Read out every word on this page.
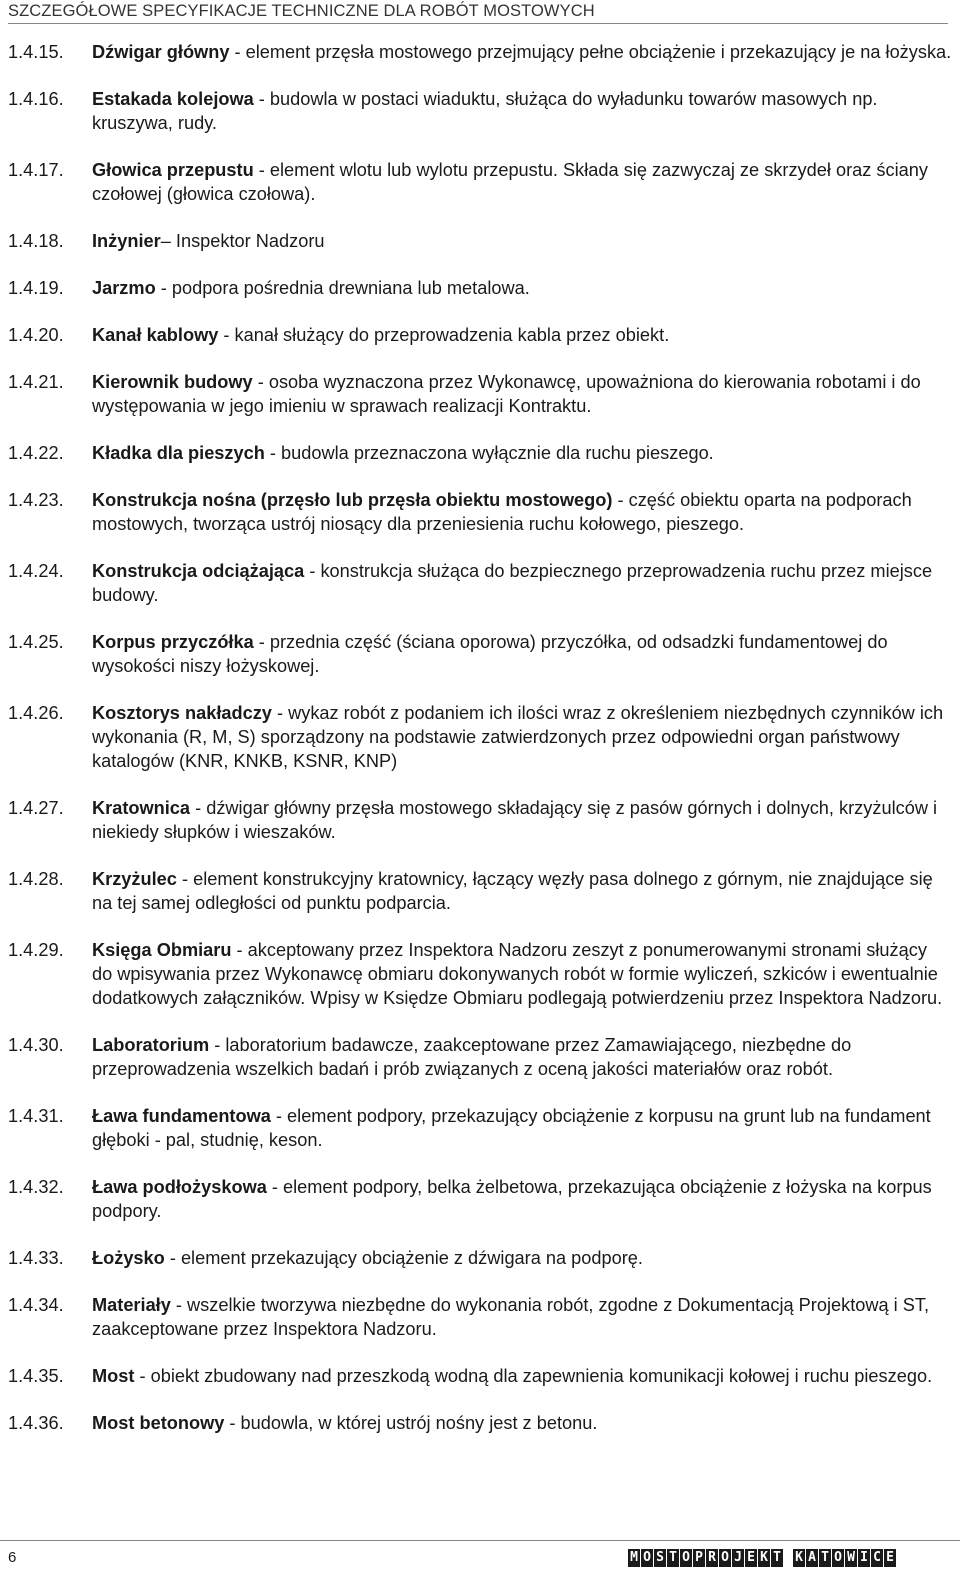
SZCZEGÓŁOWE SPECYFIKACJE TECHNICZNE DLA ROBÓT MOSTOWYCH
1.4.15.	Dźwigar główny - element przęsła mostowego przejmujący pełne obciążenie i przekazujący je na łożyska.
1.4.16.	Estakada kolejowa - budowla w postaci wiaduktu, służąca do wyładunku towarów masowych np. kruszywa, rudy.
1.4.17.	Głowica przepustu - element wlotu lub wylotu przepustu. Składa się zazwyczaj ze skrzydeł oraz ściany czołowej (głowica czołowa).
1.4.18.	Inżynier– Inspektor Nadzoru
1.4.19.	Jarzmo - podpora pośrednia drewniana lub metalowa.
1.4.20.	Kanał kablowy - kanał służący do przeprowadzenia kabla przez obiekt.
1.4.21.	Kierownik budowy - osoba wyznaczona przez Wykonawcę, upoważniona do kierowania robotami i do występowania w jego imieniu w sprawach realizacji Kontraktu.
1.4.22.	Kładka dla pieszych - budowla przeznaczona wyłącznie dla ruchu pieszego.
1.4.23.	Konstrukcja nośna (przęsło lub przęsła obiektu mostowego) - część obiektu oparta na podporach mostowych, tworząca ustrój niosący dla przeniesienia ruchu kołowego, pieszego.
1.4.24.	Konstrukcja odciążająca - konstrukcja służąca do bezpiecznego przeprowadzenia ruchu przez miejsce budowy.
1.4.25.	Korpus przyczółka - przednia część (ściana oporowa) przyczółka, od odsadzki fundamentowej do wysokości niszy łożyskowej.
1.4.26.	Kosztorys nakładczy - wykaz robót z podaniem ich ilości wraz z określeniem niezbędnych czynników ich wykonania (R, M, S) sporządzony na podstawie zatwierdzonych przez odpowiedni organ państwowy katalogów (KNR, KNKB, KSNR, KNP)
1.4.27.	Kratownica - dźwigar główny przęsła mostowego składający się z pasów górnych i dolnych, krzyżulców i niekiedy słupków i wieszaków.
1.4.28.	Krzyżulec - element konstrukcyjny kratownicy, łączący węzły pasa dolnego z górnym, nie znajdujące się na tej samej odległości od punktu podparcia.
1.4.29.	Księga Obmiaru - akceptowany przez Inspektora Nadzoru zeszyt z ponumerowanymi stronami służący do wpisywania przez Wykonawcę obmiaru dokonywanych robót w formie wyliczeń, szkiców i ewentualnie dodatkowych załączników. Wpisy w Księdze Obmiaru podlegają potwierdzeniu przez Inspektora Nadzoru.
1.4.30.	Laboratorium - laboratorium badawcze, zaakceptowane przez Zamawiającego, niezbędne do przeprowadzenia wszelkich badań i prób związanych z oceną jakości materiałów oraz robót.
1.4.31.	Ława fundamentowa - element podpory, przekazujący obciążenie z korpusu na grunt lub na fundament głęboki - pal, studnię, keson.
1.4.32.	Ława podłożyskowa - element podpory, belka żelbetowa, przekazująca obciążenie z łożyska na korpus podpory.
1.4.33.	Łożysko - element przekazujący obciążenie z dźwigara na podporę.
1.4.34.	Materiały - wszelkie tworzywa niezbędne do wykonania robót, zgodne z Dokumentacją Projektową i ST, zaakceptowane przez Inspektora Nadzoru.
1.4.35.	Most - obiekt zbudowany nad przeszkodą wodną dla zapewnienia komunikacji kołowej i ruchu pieszego.
1.4.36.	Most betonowy - budowla, w której ustrój nośny jest z betonu.
6	M O S T O P R O J E K T K A T O W I C E
